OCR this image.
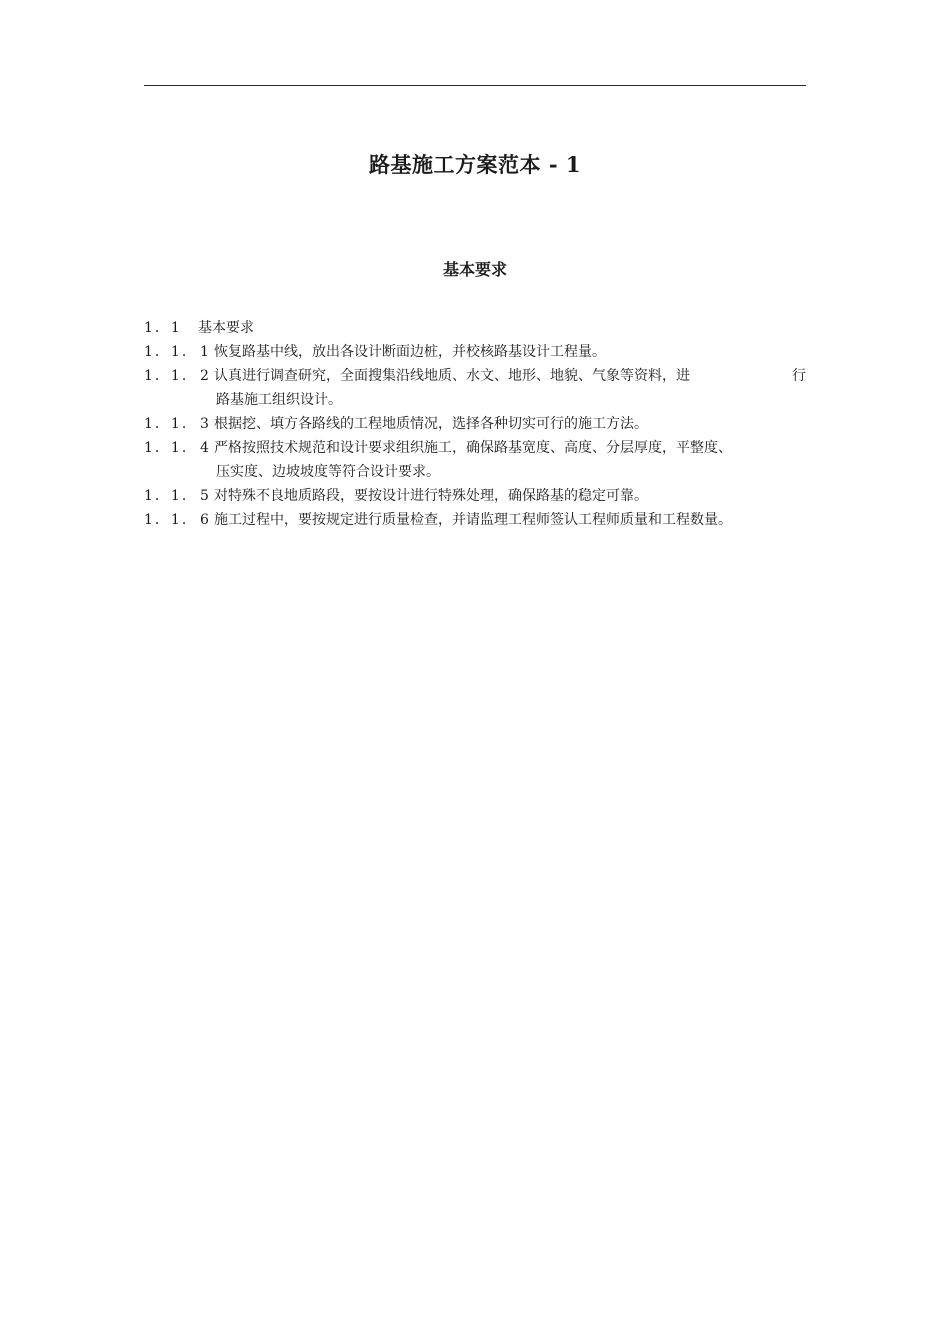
路基施工方案范本 - 1
基本要求
1．1 基本要求
1．1． 1 恢复路基中线，放出各设计断面边桩，并校核路基设计工程量。
1．1． 2 认真进行调查研究，全面搜集沿线地质、水文、地形、地貌、气象等资料，进	行
路基施工组织设计。
1．1． 3 根据挖、填方各路线的工程地质情况，选择各种切实可行的施工方法。
1．1． 4 严格按照技术规范和设计要求组织施工，确保路基宽度、高度、分层厚度，平整度、
压实度、边坡坡度等符合设计要求。
1．1． 5 对特殊不良地质路段，要按设计进行特殊处理，确保路基的稳定可靠。
1．1． 6 施工过程中，要按规定进行质量检查，并请监理工程师签认工程师质量和工程数量。
